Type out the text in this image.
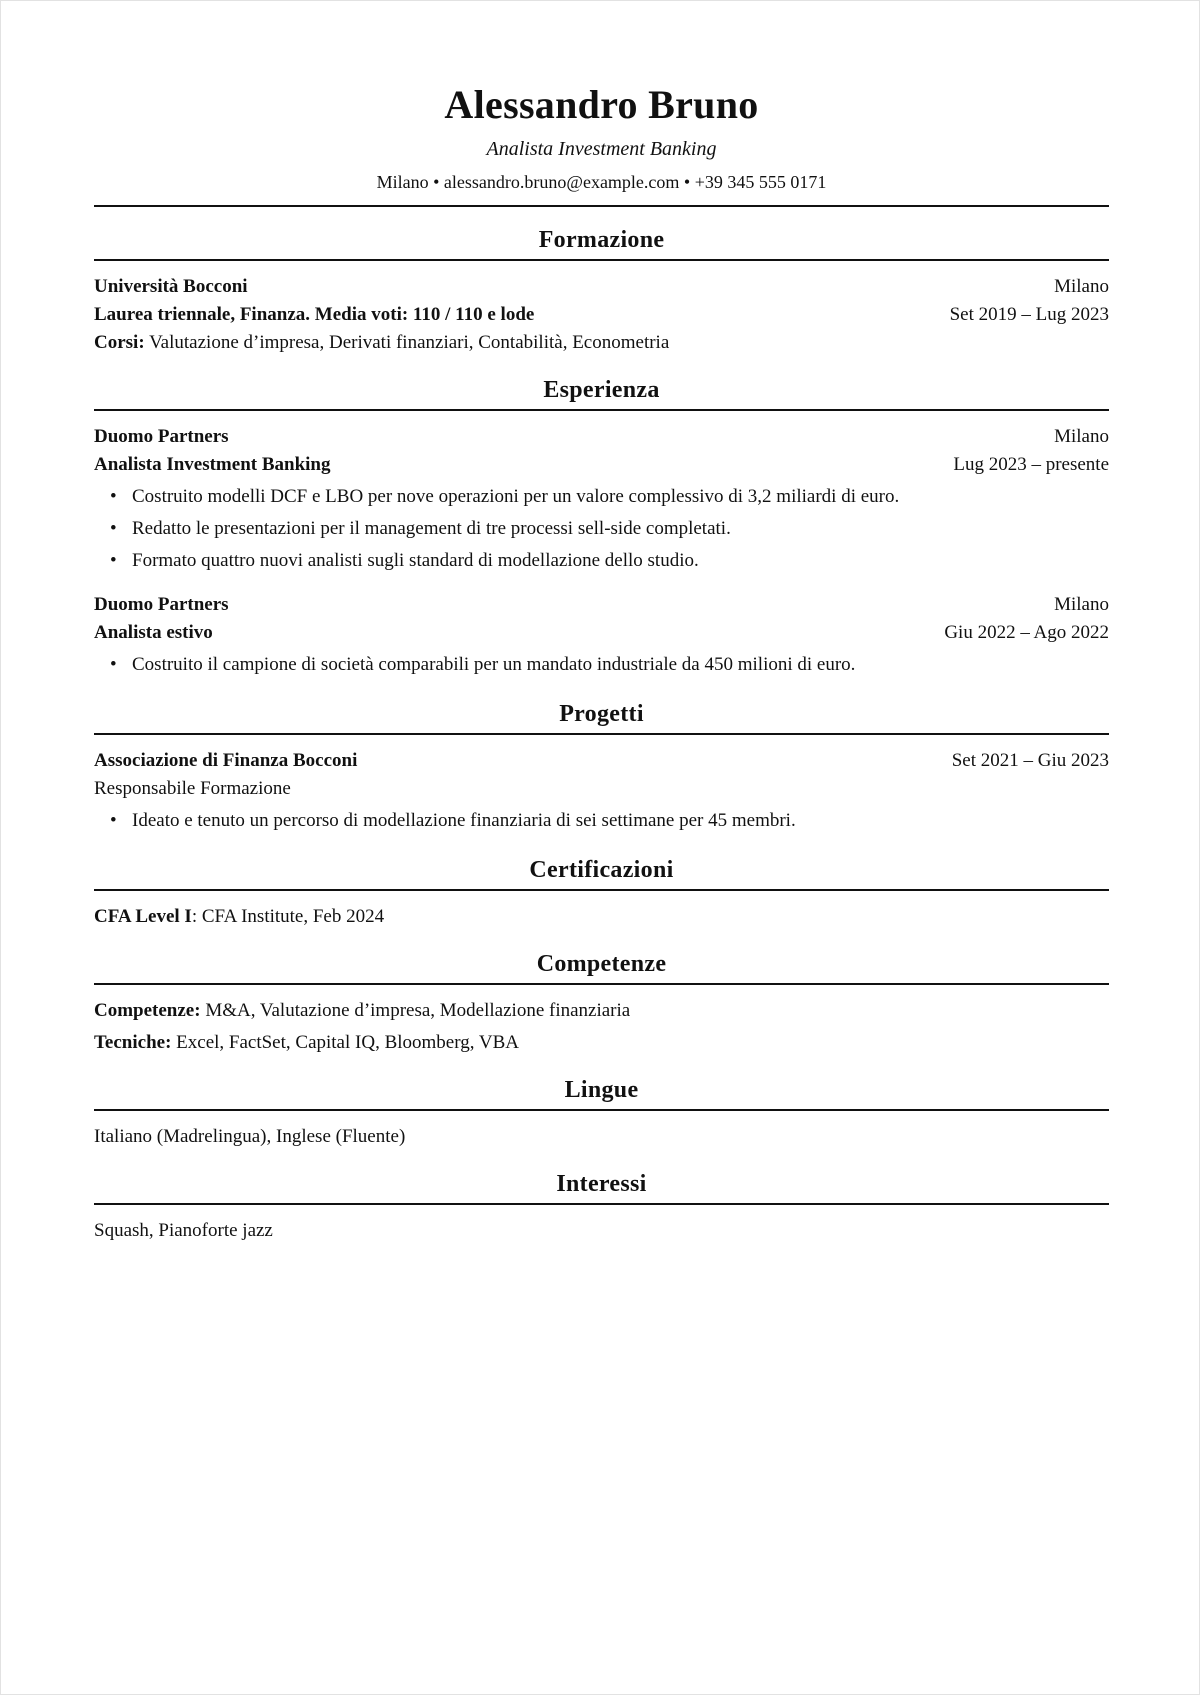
Alessandro Bruno
Analista Investment Banking
Milano • alessandro.bruno@example.com • +39 345 555 0171
Formazione
Università Bocconi	Milano
Laurea triennale, Finanza. Media voti: 110 / 110 e lode	Set 2019 – Lug 2023
Corsi: Valutazione d’impresa, Derivati finanziari, Contabilità, Econometria
Esperienza
Duomo Partners	Milano
Analista Investment Banking	Lug 2023 – presente
• Costruito modelli DCF e LBO per nove operazioni per un valore complessivo di 3,2 miliardi di euro.
• Redatto le presentazioni per il management di tre processi sell-side completati.
• Formato quattro nuovi analisti sugli standard di modellazione dello studio.
Duomo Partners	Milano
Analista estivo	Giu 2022 – Ago 2022
• Costruito il campione di società comparabili per un mandato industriale da 450 milioni di euro.
Progetti
Associazione di Finanza Bocconi	Set 2021 – Giu 2023
Responsabile Formazione
• Ideato e tenuto un percorso di modellazione finanziaria di sei settimane per 45 membri.
Certificazioni
CFA Level I: CFA Institute, Feb 2024
Competenze
Competenze: M&A, Valutazione d’impresa, Modellazione finanziaria
Tecniche: Excel, FactSet, Capital IQ, Bloomberg, VBA
Lingue
Italiano (Madrelingua), Inglese (Fluente)
Interessi
Squash, Pianoforte jazz
